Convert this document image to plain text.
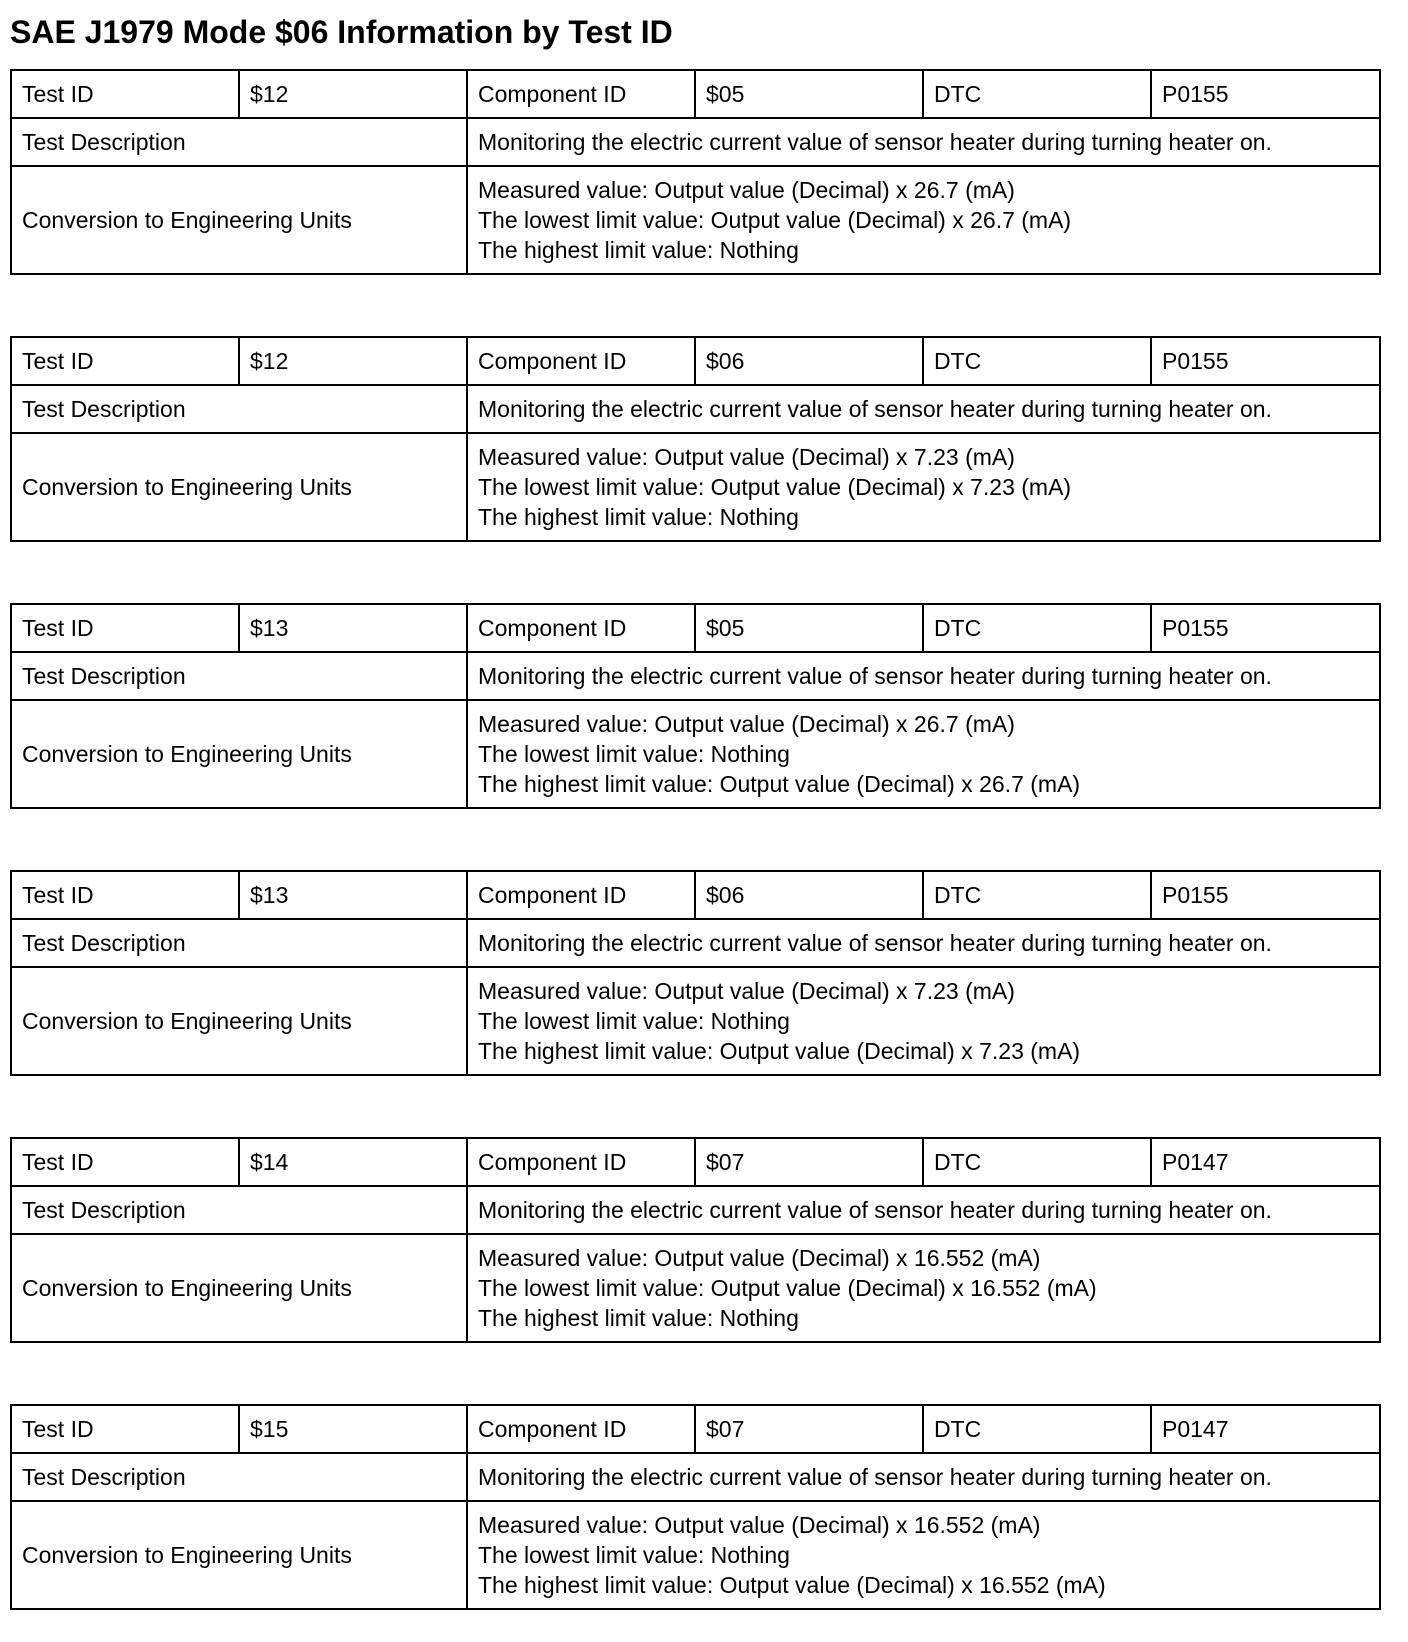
SAE J1979 Mode $06 Information by Test ID
Test ID	$12	Component ID	$05	DTC	P0155
Test Description		Monitoring the electric current value of sensor heater during turning heater on.			
Conversion to Engineering Units		Measured value: Output value (Decimal) x 26.7 (mA)
The lowest limit value: Output value (Decimal) x 26.7 (mA)
The highest limit value: Nothing			
Test ID	$12	Component ID	$06	DTC	P0155
Test Description		Monitoring the electric current value of sensor heater during turning heater on.			
Conversion to Engineering Units		Measured value: Output value (Decimal) x 7.23 (mA)
The lowest limit value: Output value (Decimal) x 7.23 (mA)
The highest limit value: Nothing			
Test ID	$13	Component ID	$05	DTC	P0155
Test Description		Monitoring the electric current value of sensor heater during turning heater on.			
Conversion to Engineering Units		Measured value: Output value (Decimal) x 26.7 (mA)
The lowest limit value: Nothing
The highest limit value: Output value (Decimal) x 26.7 (mA)			
Test ID	$13	Component ID	$06	DTC	P0155
Test Description		Monitoring the electric current value of sensor heater during turning heater on.			
Conversion to Engineering Units		Measured value: Output value (Decimal) x 7.23 (mA)
The lowest limit value: Nothing
The highest limit value: Output value (Decimal) x 7.23 (mA)			
Test ID	$14	Component ID	$07	DTC	P0147
Test Description		Monitoring the electric current value of sensor heater during turning heater on.			
Conversion to Engineering Units		Measured value: Output value (Decimal) x 16.552 (mA)
The lowest limit value: Output value (Decimal) x 16.552 (mA)
The highest limit value: Nothing			
Test ID	$15	Component ID	$07	DTC	P0147
Test Description		Monitoring the electric current value of sensor heater during turning heater on.			
Conversion to Engineering Units		Measured value: Output value (Decimal) x 16.552 (mA)
The lowest limit value: Nothing
The highest limit value: Output value (Decimal) x 16.552 (mA)			
